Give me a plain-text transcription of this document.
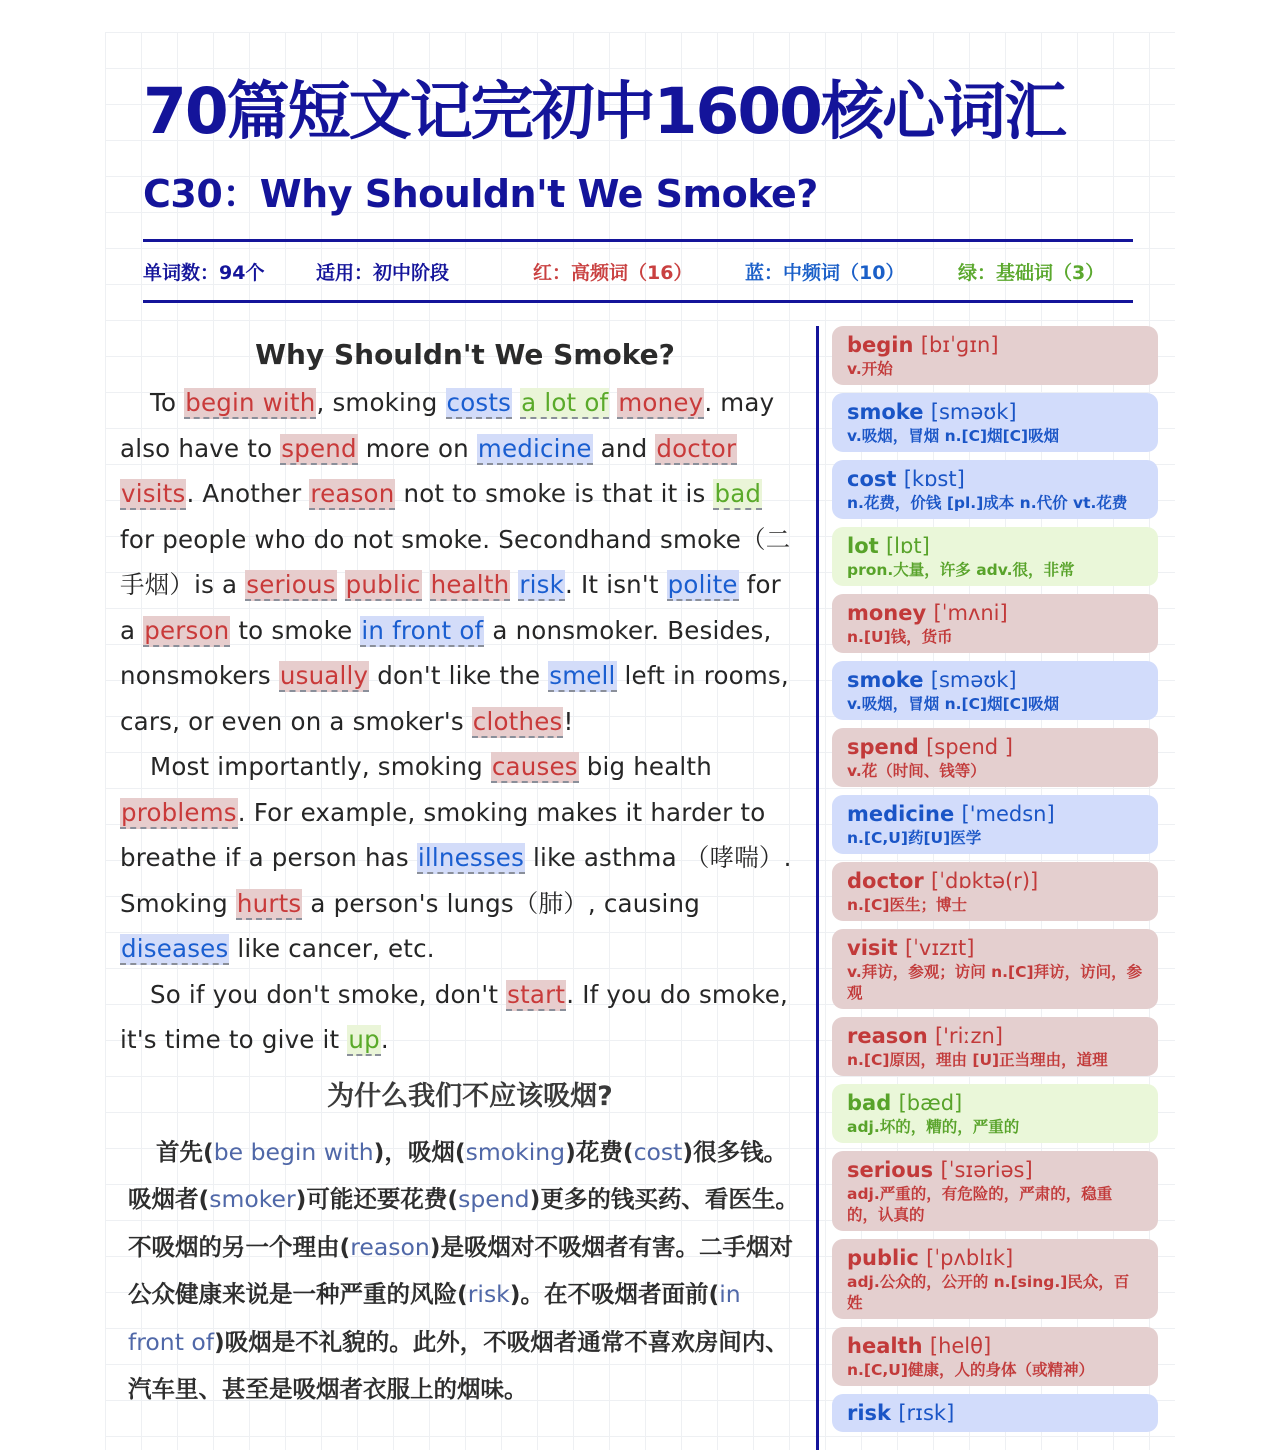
70篇短文记完初中1600核心词汇
C30：Why Shouldn't We Smoke?
单词数：94个	适用：初中阶段	红：高频词（16）	蓝：中频词（10）	绿：基础词（3）
Why Shouldn't We Smoke?
To begin with, smoking costs a lot of money. may also have to spend more on medicine and doctor visits. Another reason not to smoke is that it is bad for people who do not smoke. Secondhand smoke（二手烟）is a serious public health risk. It isn't polite for a person to smoke in front of a nonsmoker. Besides, nonsmokers usually don't like the smell left in rooms, cars, or even on a smoker's clothes!
Most importantly, smoking causes big health problems. For example, smoking makes it harder to breathe if a person has illnesses like asthma （哮喘）. Smoking hurts a person's lungs（肺）, causing diseases like cancer, etc.
So if you don't smoke, don't start. If you do smoke, it's time to give it up.
为什么我们不应该吸烟?
首先(be begin with)，吸烟(smoking)花费(cost)很多钱。吸烟者(smoker)可能还要花费(spend)更多的钱买药、看医生。不吸烟的另一个理由(reason)是吸烟对不吸烟者有害。二手烟对公众健康来说是一种严重的风险(risk)。在不吸烟者面前(in front of)吸烟是不礼貌的。此外，不吸烟者通常不喜欢房间内、汽车里、甚至是吸烟者衣服上的烟味。
begin [bɪˈɡɪn]
v.开始
smoke [sməʊk]
v.吸烟，冒烟 n.[C]烟[C]吸烟
cost [kɒst]
n.花费，价钱 [pl.]成本 n.代价 vt.花费
lot [lɒt]
pron.大量，许多 adv.很，非常
money [ˈmʌni]
n.[U]钱，货币
smoke [sməʊk]
v.吸烟，冒烟 n.[C]烟[C]吸烟
spend [spend ]
v.花（时间、钱等）
medicine ['medsn]
n.[C,U]药[U]医学
doctor [ˈdɒktə(r)]
n.[C]医生；博士
visit [ˈvɪzɪt]
v.拜访，参观；访问 n.[C]拜访，访问，参观
reason ['riːzn]
n.[C]原因，理由 [U]正当理由，道理
bad [bæd]
adj.坏的，糟的，严重的
serious [ˈsɪəriəs]
adj.严重的，有危险的，严肃的，稳重的，认真的
public [ˈpʌblɪk]
adj.公众的，公开的 n.[sing.]民众，百姓
health [helθ]
n.[C,U]健康，人的身体（或精神）
risk [rɪsk]
